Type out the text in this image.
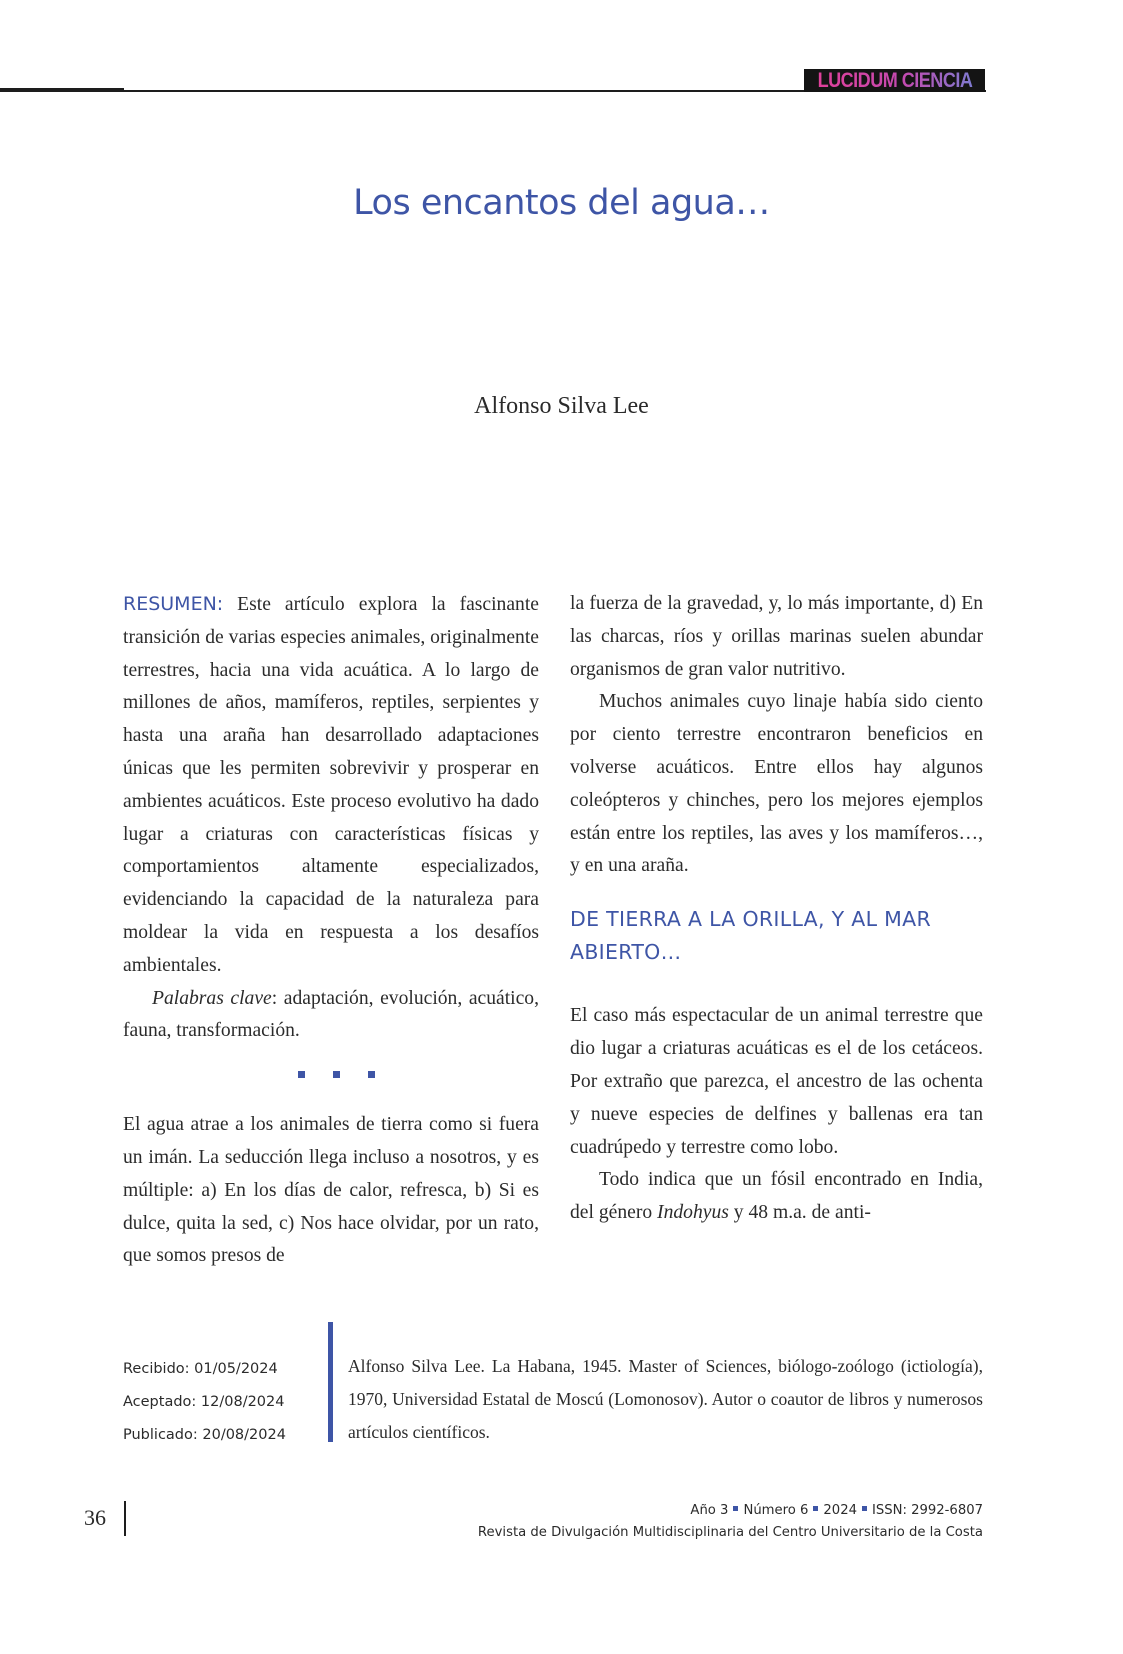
LUCIDUM CIENCIA
Los encantos del agua…
Alfonso Silva Lee

RESUMEN: Este artículo explora la fascinante transición de varias especies animales, originalmente terrestres, hacia una vida acuática. A lo largo de millones de años, mamíferos, reptiles, serpientes y hasta una araña han desarrollado adaptaciones únicas que les permiten sobrevivir y prosperar en ambientes acuáticos. Este proceso evolutivo ha dado lugar a criaturas con características físicas y comportamientos altamente especializados, evidenciando la capacidad de la naturaleza para moldear la vida en respuesta a los desafíos ambientales.

Palabras clave: adaptación, evolución, acuático, fauna, transformación.

El agua atrae a los animales de tierra como si fuera un imán. La seducción llega incluso a nosotros, y es múltiple: a) En los días de calor, refresca, b) Si es dulce, quita la sed, c) Nos hace olvidar, por un rato, que somos presos de

la fuerza de la gravedad, y, lo más importante, d) En las charcas, ríos y orillas marinas suelen abundar organismos de gran valor nutritivo.

Muchos animales cuyo linaje había sido ciento por ciento terrestre encontraron beneficios en volverse acuáticos. Entre ellos hay algunos coleópteros y chinches, pero los mejores ejemplos están entre los reptiles, las aves y los mamíferos…, y en una araña.

DE TIERRA A LA ORILLA, Y AL MAR ABIERTO…

El caso más espectacular de un animal terrestre que dio lugar a criaturas acuáticas es el de los cetáceos. Por extraño que parezca, el ancestro de las ochenta y nueve especies de delfines y ballenas era tan cuadrúpedo y terrestre como lobo.

Todo indica que un fósil encontrado en India, del género Indohyus y 48 m.a. de anti-

Recibido: 01/05/2024
Aceptado: 12/08/2024
Publicado: 20/08/2024
Alfonso Silva Lee. La Habana, 1945. Master of Sciences, biólogo-zoólogo (ictiología), 1970, Universidad Estatal de Moscú (Lomonosov). Autor o coautor de libros y numerosos artículos científicos.
36	Año 3 Número 6 2024 ISSN: 2992-6807
Revista de Divulgación Multidisciplinaria del Centro Universitario de la Costa
